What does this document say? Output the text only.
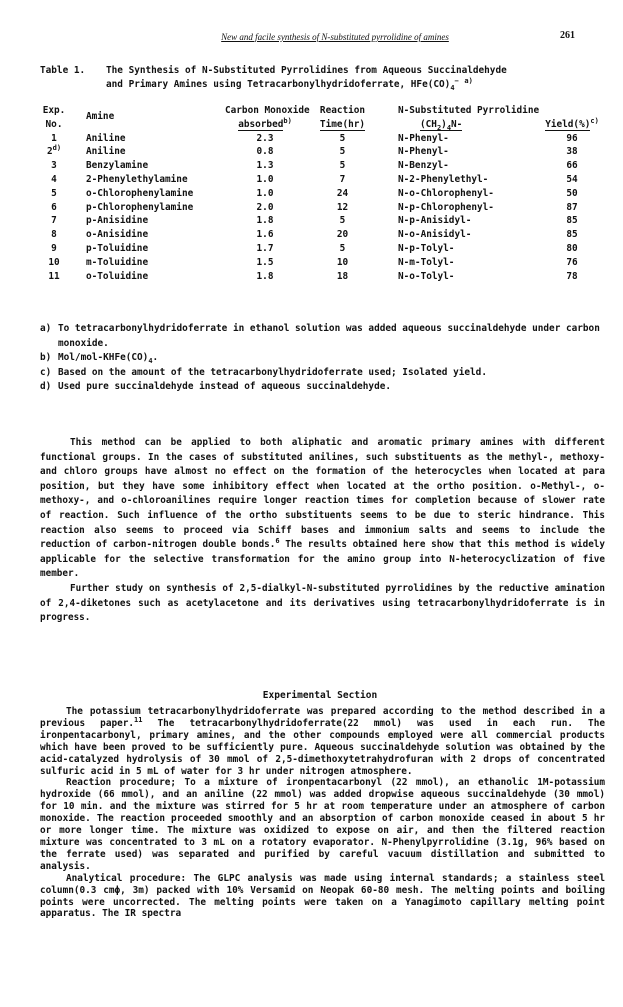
New and facile synthesis of N-substituted pyrrolidine of amines	261
Table 1. The Synthesis of N-Substituted Pyrrolidines from Aqueous Succinaldehyde
and Primary Amines using Tetracarbonylhydridoferrate, $HFe(CO)_4^-$ $^{a)}$
Exp.
Amine
Carbon Monoxide	Reaction	N-Substituted Pyrrolidine
No.	absorbed$^{b)}$	Time(hr)	$(CH_2)_4N-$	Yield(%)$^{c)}$
1	Aniline	2.3	5	N-Phenyl-	96
2$^{d)}$	Aniline	0.8	5	N-Phenyl-	38
3	Benzylamine	1.3	5	N-Benzyl-	66
4	2-Phenylethylamine	1.0	7	N-2-Phenylethyl-	54
5	o-Chlorophenylamine	1.0	24	N-o-Chlorophenyl-	50
6	p-Chlorophenylamine	2.0	12	N-p-Chlorophenyl-	87
7	p-Anisidine	1.8	5	N-p-Anisidyl-	85
8	o-Anisidine	1.6	20	N-o-Anisidyl-	85
9	p-Toluidine	1.7	5	N-p-Tolyl-	80
10	m-Toluidine	1.5	10	N-m-Tolyl-	76
11	o-Toluidine	1.8	18	N-o-Tolyl-	78
a) To tetracarbonylhydridoferrate in ethanol solution was added aqueous succinaldehyde under carbon monoxide.
b) Mol/$mol-KHFe(CO)_4$.
c) Based on the amount of the tetracarbonylhydridoferrate used; Isolated yield.
d) Used pure succinaldehyde instead of aqueous succinaldehyde.

This method can be applied to both aliphatic and aromatic primary amines with different functional groups. In the cases of substituted anilines, such substituents as the methyl-, methoxy- and chloro groups have almost no effect on the formation of the heterocycles when located at para position, but they have some inhibitory effect when located at the ortho position. o-Methyl-, o-methoxy-, and o-chloroanilines require longer reaction times for completion because of slower rate of reaction. Such influence of the ortho substituents seems to be due to steric hindrance. This reaction also seems to proceed via Schiff bases and immonium salts and seems to include the reduction of carbon-nitrogen double bonds.$^6$ The results obtained here show that this method is widely applicable for the selective transformation for the amino group into N-heterocyclization of five member.

Further study on synthesis of 2,5-dialkyl-N-substituted pyrrolidines by the reductive amination of 2,4-diketones such as acetylacetone and its derivatives using tetracarbonylhydridoferrate is in progress.

Experimental Section

The potassium tetracarbonylhydridoferrate was prepared according to the method described in a previous paper.$^{11}$ The tetracarbonylhydridoferrate(22 mmol) was used in each run. The ironpentacarbonyl, primary amines, and the other compounds employed were all commercial products which have been proved to be sufficiently pure. Aqueous succinaldehyde solution was obtained by the acid-catalyzed hydrolysis of 30 mmol of 2,5-dimethoxytetrahydrofuran with 2 drops of concentrated sulfuric acid in 5 mL of water for 3 hr under nitrogen atmosphere.

Reaction procedure; To a mixture of ironpentacarbonyl (22 mmol), an ethanolic 1M-potassium hydroxide (66 mmol), and an aniline (22 mmol) was added dropwise aqueous succinaldehyde (30 mmol) for 10 min. and the mixture was stirred for 5 hr at room temperature under an atmosphere of carbon monoxide. The reaction proceeded smoothly and an absorption of carbon monoxide ceased in about 5 hr or more longer time. The mixture was oxidized to expose on air, and then the filtered reaction mixture was concentrated to 3 mL on a rotatory evaporator. N-Phenylpyrrolidine (3.1g, 96% based on the ferrate used) was separated and purified by careful vacuum distillation and submitted to analysis.

Analytical procedure: The GLPC analysis was made using internal standards; a stainless steel column(0.3 cmϕ, 3m) packed with 10% Versamid on Neopak 60-80 mesh. The melting points and boiling points were uncorrected. The melting points were taken on a Yanagimoto capillary melting point apparatus. The IR spectra
